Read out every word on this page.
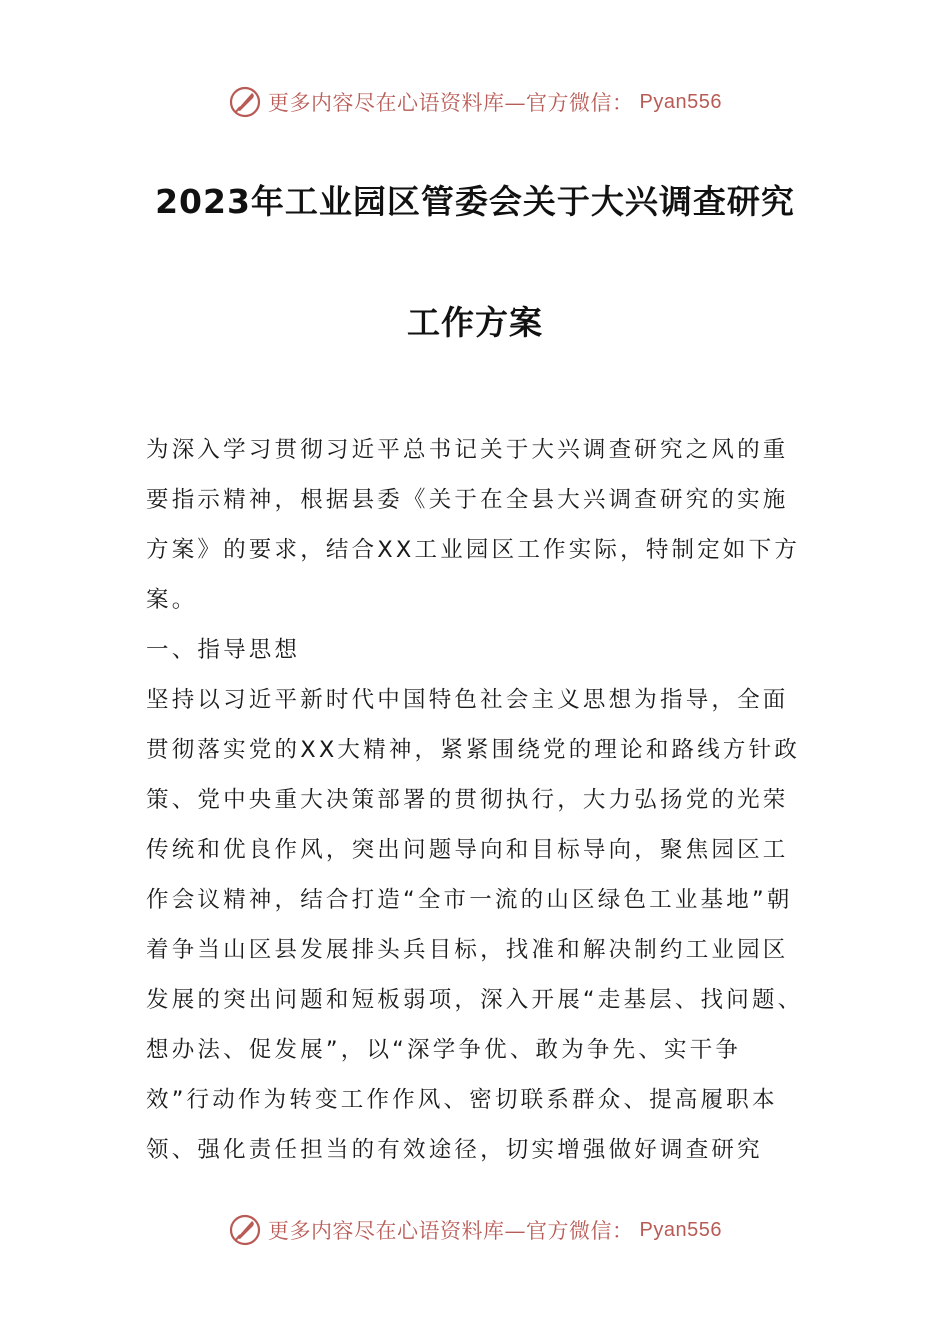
更多内容尽在心语资料库—官方微信： Pyan556
2023年工业园区管委会关于大兴调查研究
工作方案

为深入学习贯彻习近平总书记关于大兴调查研究之风的重要指示精神，根据县委《关于在全县大兴调查研究的实施方案》的要求，结合XX工业园区工作实际，特制定如下方案。

一、指导思想

坚持以习近平新时代中国特色社会主义思想为指导，全面贯彻落实党的XX大精神，紧紧围绕党的理论和路线方针政策、党中央重大决策部署的贯彻执行，大力弘扬党的光荣传统和优良作风，突出问题导向和目标导向，聚焦园区工作会议精神，结合打造“全市一流的山区绿色工业基地”朝着争当山区县发展排头兵目标，找准和解决制约工业园区发展的突出问题和短板弱项，深入开展“走基层、找问题、想办法、促发展”，以“深学争优、敢为争先、实干争效”行动作为转变工作作风、密切联系群众、提高履职本领、强化责任担当的有效途径，切实增强做好调查研究

更多内容尽在心语资料库—官方微信： Pyan556
